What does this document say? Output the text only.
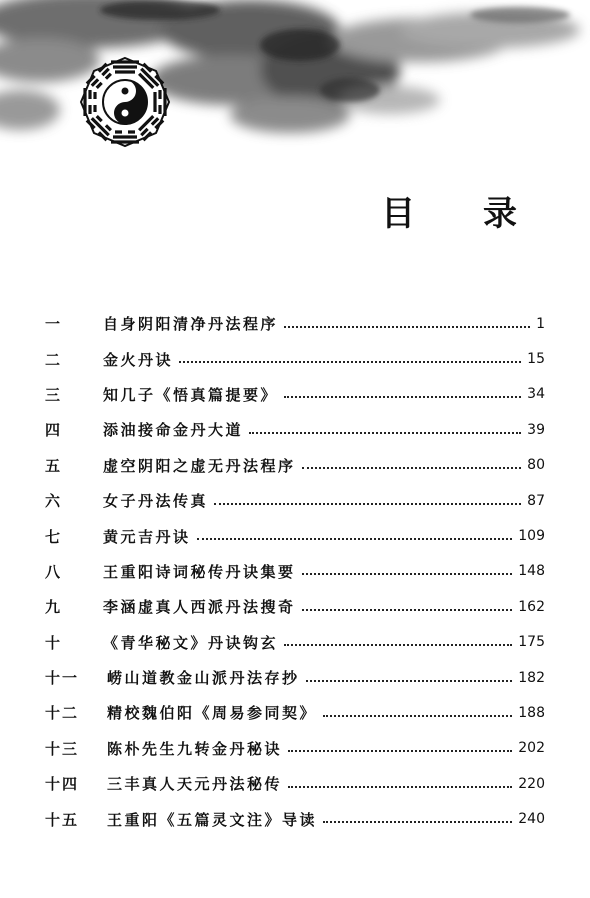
目 录
一	自身阴阳清净丹法程序	1
二	金火丹诀	15
三	知几子《悟真篇提要》	34
四	添油接命金丹大道	39
五	虚空阴阳之虚无丹法程序	80
六	女子丹法传真	87
七	黄元吉丹诀	109
八	王重阳诗词秘传丹诀集要	148
九	李涵虚真人西派丹法搜奇	162
十	《青华秘文》丹诀钩玄	175
十一	崂山道教金山派丹法存抄	182
十二	精校魏伯阳《周易参同契》	188
十三	陈朴先生九转金丹秘诀	202
十四	三丰真人天元丹法秘传	220
十五	王重阳《五篇灵文注》导读	240
